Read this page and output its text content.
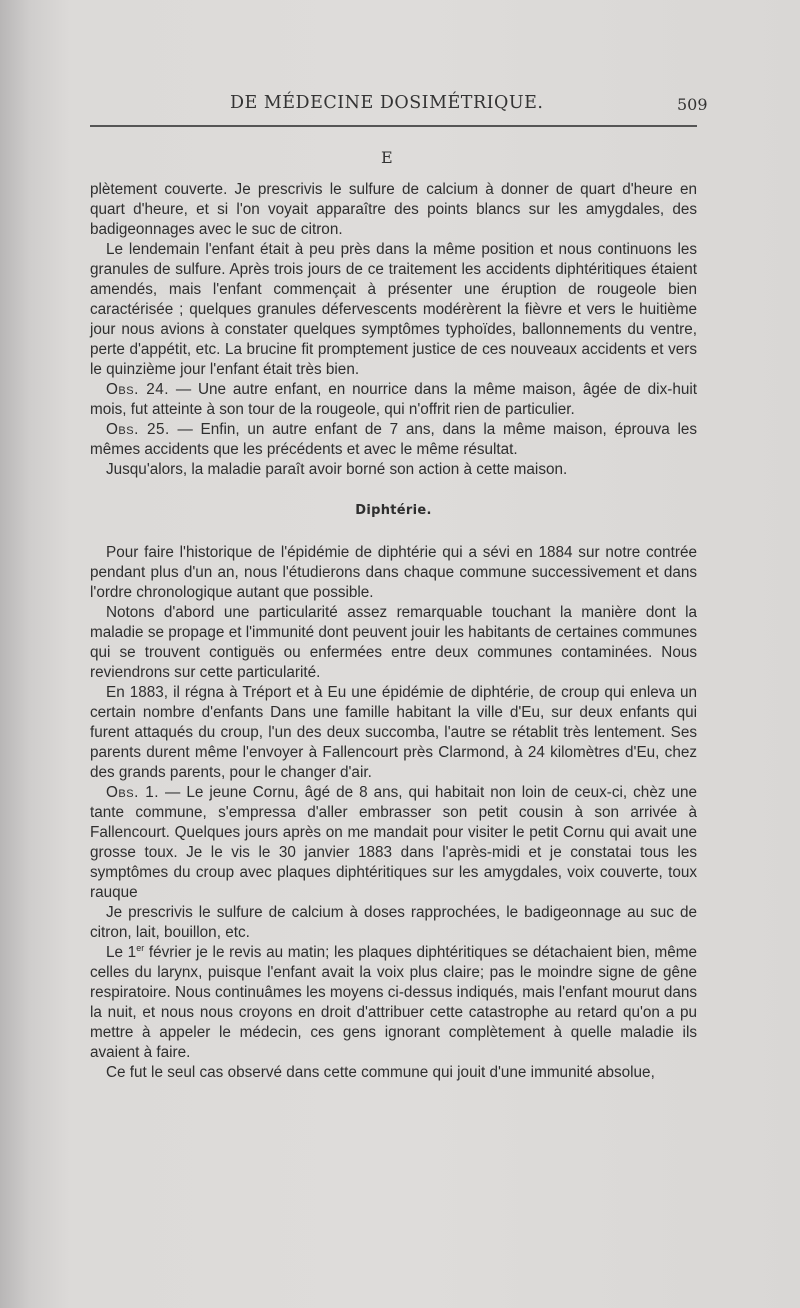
DE MÉDECINE DOSIMÉTRIQUE.	509
E

plètement couverte. Je prescrivis le sulfure de calcium à donner de quart d'heure en quart d'heure, et si l'on voyait apparaître des points blancs sur les amygdales, des badigeonnages avec le suc de citron.

Le lendemain l'enfant était à peu près dans la même position et nous continuons les granules de sulfure. Après trois jours de ce traitement les accidents diphtéritiques étaient amendés, mais l'enfant commençait à présenter une éruption de rougeole bien caractérisée ; quelques granules défervescents modérèrent la fièvre et vers le huitième jour nous avions à constater quelques symptômes typhoïdes, ballonnements du ventre, perte d'appétit, etc. La brucine fit promptement justice de ces nouveaux accidents et vers le quinzième jour l'enfant était très bien.

Obs. 24. — Une autre enfant, en nourrice dans la même maison, âgée de dix-huit mois, fut atteinte à son tour de la rougeole, qui n'offrit rien de particulier.

Obs. 25. — Enfin, un autre enfant de 7 ans, dans la même maison, éprouva les mêmes accidents que les précédents et avec le même résultat.

Jusqu'alors, la maladie paraît avoir borné son action à cette maison.

Diphtérie.

Pour faire l'historique de l'épidémie de diphtérie qui a sévi en 1884 sur notre contrée pendant plus d'un an, nous l'étudierons dans chaque commune successivement et dans l'ordre chronologique autant que possible.

Notons d'abord une particularité assez remarquable touchant la manière dont la maladie se propage et l'immunité dont peuvent jouir les habitants de certaines communes qui se trouvent contiguës ou enfermées entre deux communes contaminées. Nous reviendrons sur cette particularité.

En 1883, il régna à Tréport et à Eu une épidémie de diphtérie, de croup qui enleva un certain nombre d'enfants Dans une famille habitant la ville d'Eu, sur deux enfants qui furent attaqués du croup, l'un des deux succomba, l'autre se rétablit très lentement. Ses parents durent même l'envoyer à Fallencourt près Clarmond, à 24 kilomètres d'Eu, chez des grands parents, pour le changer d'air.

Obs. 1. — Le jeune Cornu, âgé de 8 ans, qui habitait non loin de ceux-ci, chèz une tante commune, s'empressa d'aller embrasser son petit cousin à son arrivée à Fallencourt. Quelques jours après on me mandait pour visiter le petit Cornu qui avait une grosse toux. Je le vis le 30 janvier 1883 dans l'après-midi et je constatai tous les symptômes du croup avec plaques diphtéritiques sur les amygdales, voix couverte, toux rauque

Je prescrivis le sulfure de calcium à doses rapprochées, le badigeonnage au suc de citron, lait, bouillon, etc.

Le 1er février je le revis au matin; les plaques diphtéritiques se détachaient bien, même celles du larynx, puisque l'enfant avait la voix plus claire; pas le moindre signe de gêne respiratoire. Nous continuâmes les moyens ci-dessus indiqués, mais l'enfant mourut dans la nuit, et nous nous croyons en droit d'attribuer cette catastrophe au retard qu'on a pu mettre à appeler le médecin, ces gens ignorant complètement à quelle maladie ils avaient à faire.

Ce fut le seul cas observé dans cette commune qui jouit d'une immunité absolue,
